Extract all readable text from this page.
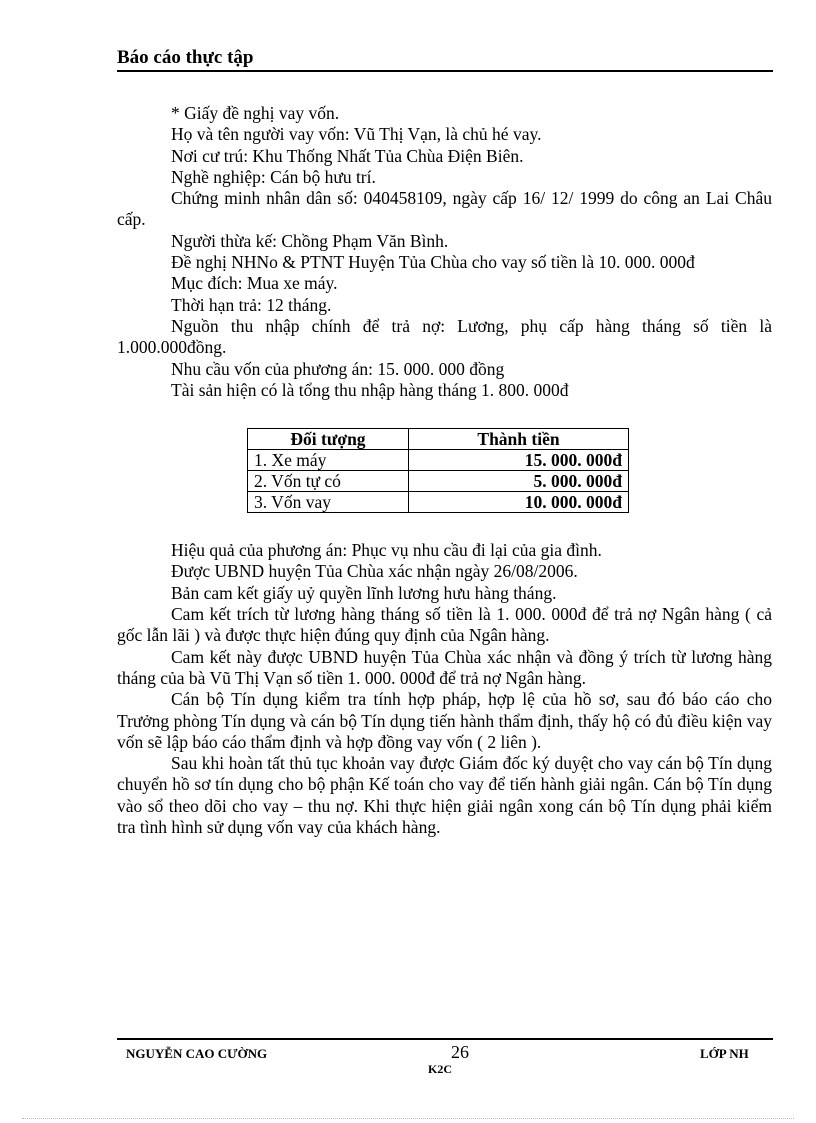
Báo cáo thực tập

* Giấy đề nghị vay vốn.

Họ và tên người vay vốn: Vũ Thị Vạn, là chủ hé vay.

Nơi cư trú: Khu Thống Nhất Tủa Chùa Điện Biên.

Nghề nghiệp: Cán bộ hưu trí.

Chứng minh nhân dân số: 040458109, ngày cấp 16/ 12/ 1999 do công an Lai Châu cấp.

Người thừa kế: Chồng Phạm Văn Bình.

Đề nghị NHNo & PTNT Huyện Tủa Chùa cho vay số tiền là 10. 000. 000đ

Mục đích: Mua xe máy.

Thời hạn trả: 12 tháng.

Nguồn thu nhập chính để trả nợ: Lương, phụ cấp hàng tháng số tiền là 1.000.000đồng.

Nhu cầu vốn của phương án: 15. 000. 000 đồng

Tài sản hiện có là tổng thu nhập hàng tháng 1. 800. 000đ

Đối tượng	Thành tiền
1. Xe máy	15. 000. 000đ
2. Vốn tự có	5. 000. 000đ
3. Vốn vay	10. 000. 000đ

Hiệu quả của phương án: Phục vụ nhu cầu đi lại của gia đình.

Được UBND huyện Tủa Chùa xác nhận ngày 26/08/2006.

Bản cam kết giấy uỷ quyền lĩnh lương hưu hàng tháng.

Cam kết trích từ lương hàng tháng số tiền là 1. 000. 000đ để trả nợ Ngân hàng ( cả gốc lẫn lãi ) và được thực hiện đúng quy định của Ngân hàng.

Cam kết này được UBND huyện Tủa Chùa xác nhận và đồng ý trích từ lương hàng tháng của bà Vũ Thị Vạn số tiền 1. 000. 000đ để trả nợ Ngân hàng.

Cán bộ Tín dụng kiểm tra tính hợp pháp, hợp lệ của hồ sơ, sau đó báo cáo cho Trưởng phòng Tín dụng và cán bộ Tín dụng tiến hành thẩm định, thấy hộ có đủ điều kiện vay vốn sẽ lập báo cáo thẩm định và hợp đồng vay vốn ( 2 liên ).

Sau khi hoàn tất thủ tục khoản vay được Giám đốc ký duyệt cho vay cán bộ Tín dụng chuyển hồ sơ tín dụng cho bộ phận Kế toán cho vay để tiến hành giải ngân. Cán bộ Tín dụng vào sổ theo dõi cho vay – thu nợ. Khi thực hiện giải ngân xong cán bộ Tín dụng phải kiểm tra tình hình sử dụng vốn vay của khách hàng.

NGUYỄN CAO CƯỜNG	26
K2C
LỚP NH
